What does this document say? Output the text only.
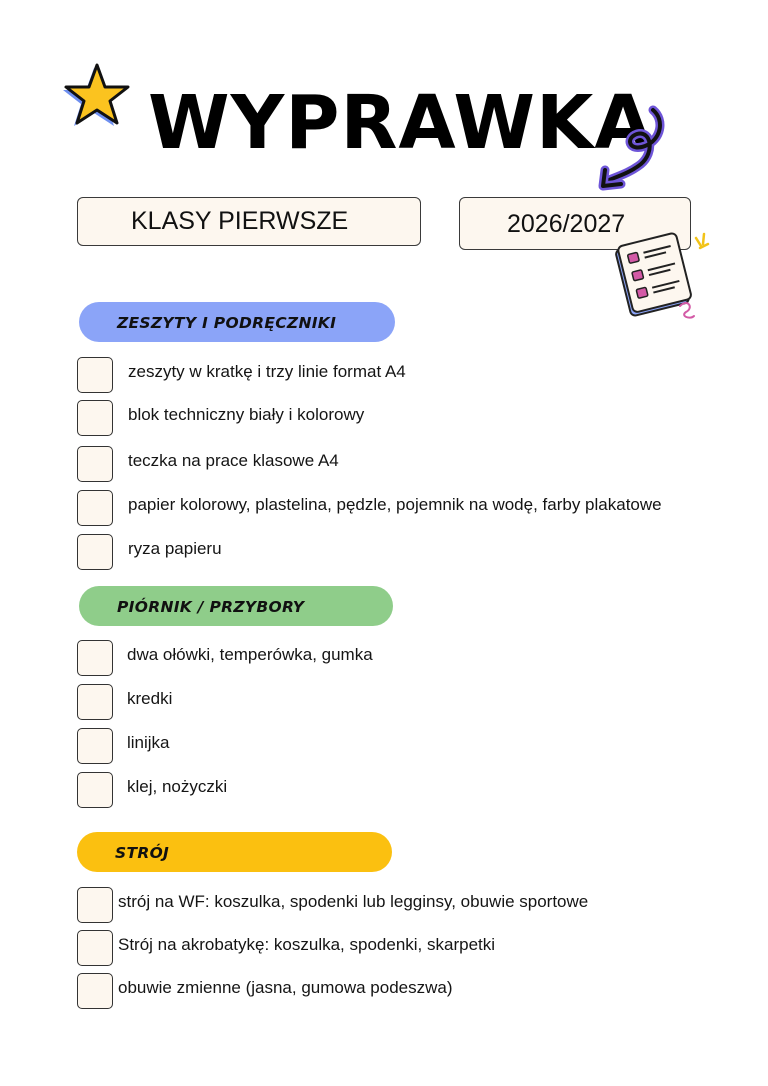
WYPRAWKA
KLASY PIERWSZE	2026/2027
ZESZYTY I PODRĘCZNIKI
zeszyty w kratkę i trzy linie format A4
blok techniczny biały i kolorowy
teczka na prace klasowe A4
papier kolorowy, plastelina, pędzle, pojemnik na wodę, farby plakatowe
ryza papieru
PIÓRNIK / PRZYBORY
dwa ołówki, temperówka, gumka
kredki
linijka
klej, nożyczki
STRÓJ
strój na WF: koszulka, spodenki lub legginsy, obuwie sportowe
Strój na akrobatykę: koszulka, spodenki, skarpetki
obuwie zmienne (jasna, gumowa podeszwa)
